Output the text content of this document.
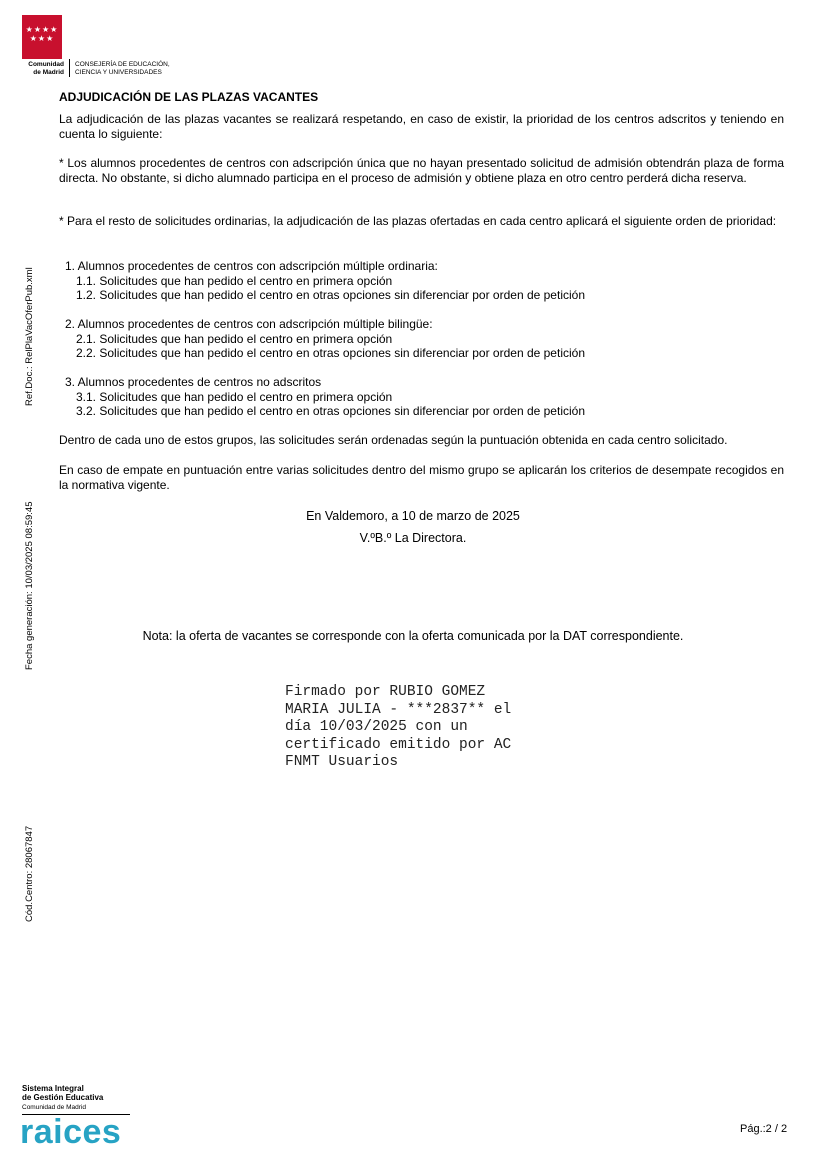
★★★★
★★★
Comunidad
de Madrid
CONSEJERÍA DE EDUCACIÓN,
CIENCIA Y UNIVERSIDADES
Ref.Doc.: RelPlaVacOferPub.xml
Fecha generación: 10/03/2025 08:59:45
Cód.Centro: 28067847
ADJUDICACIÓN DE LAS PLAZAS VACANTES
La adjudicación de las plazas vacantes se realizará respetando, en caso de existir, la prioridad de los centros adscritos y teniendo en cuenta lo siguiente:
* Los alumnos procedentes de centros con adscripción única que no hayan presentado solicitud de admisión obtendrán plaza de forma directa. No obstante, si dicho alumnado participa en el proceso de admisión y obtiene plaza en otro centro perderá dicha reserva.
* Para el resto de solicitudes ordinarias, la adjudicación de las plazas ofertadas en cada centro aplicará el siguiente orden de prioridad:
1. Alumnos procedentes de centros con adscripción múltiple ordinaria:
1.1. Solicitudes que han pedido el centro en primera opción
1.2. Solicitudes que han pedido el centro en otras opciones sin diferenciar por orden de petición
2. Alumnos procedentes de centros con adscripción múltiple bilingüe:
2.1. Solicitudes que han pedido el centro en primera opción
2.2. Solicitudes que han pedido el centro en otras opciones sin diferenciar por orden de petición
3. Alumnos procedentes de centros no adscritos
3.1. Solicitudes que han pedido el centro en primera opción
3.2. Solicitudes que han pedido el centro en otras opciones sin diferenciar por orden de petición
Dentro de cada uno de estos grupos, las solicitudes serán ordenadas según la puntuación obtenida en cada centro solicitado.
En caso de empate en puntuación entre varias solicitudes dentro del mismo grupo se aplicarán los criterios de desempate recogidos en la normativa vigente.
En Valdemoro, a 10 de marzo de 2025
V.ºB.º La Directora.
Nota: la oferta de vacantes se corresponde con la oferta comunicada por la DAT correspondiente.
Firmado por RUBIO GOMEZ
MARIA JULIA - ***2837** el
día 10/03/2025 con un
certificado emitido por AC
FNMT Usuarios
Sistema Integral
de Gestión Educativa
Comunidad de Madrid
raices	Pág.:2 / 2
